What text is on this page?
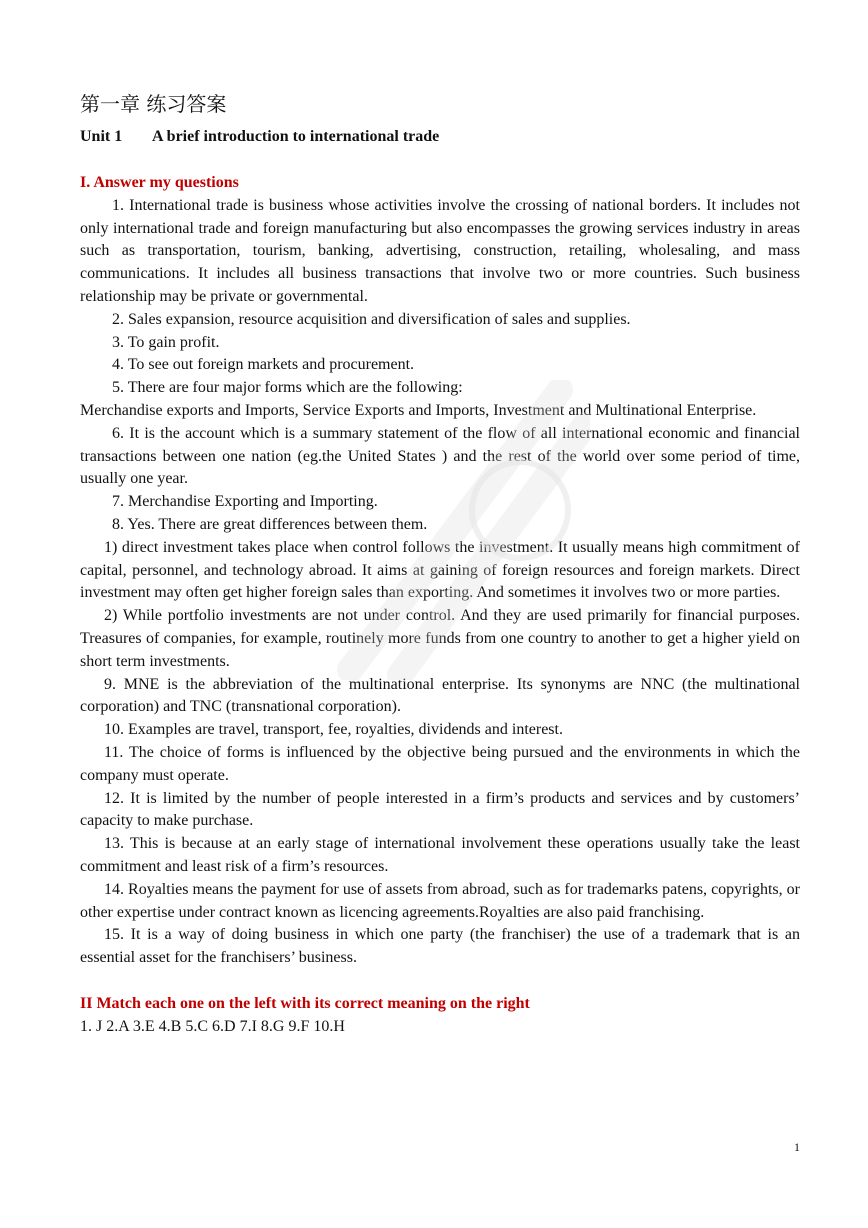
第一章 练习答案
Unit 1 A brief introduction to international trade

I. Answer my questions

1. International trade is business whose activities involve the crossing of national borders. It includes not only international trade and foreign manufacturing but also encompasses the growing services industry in areas such as transportation, tourism, banking, advertising, construction, retailing, wholesaling, and mass communications. It includes all business transactions that involve two or more countries. Such business relationship may be private or governmental.

2. Sales expansion, resource acquisition and diversification of sales and supplies.

3. To gain profit.

4. To see out foreign markets and procurement.

5. There are four major forms which are the following:

Merchandise exports and Imports, Service Exports and Imports, Investment and Multinational Enterprise.

6. It is the account which is a summary statement of the flow of all international economic and financial transactions between one nation (eg.the United States ) and the rest of the world over some period of time, usually one year.

7. Merchandise Exporting and Importing.

8. Yes. There are great differences between them.

1) direct investment takes place when control follows the investment. It usually means high commitment of capital, personnel, and technology abroad. It aims at gaining of foreign resources and foreign markets. Direct investment may often get higher foreign sales than exporting. And sometimes it involves two or more parties.

2) While portfolio investments are not under control. And they are used primarily for financial purposes. Treasures of companies, for example, routinely more funds from one country to another to get a higher yield on short term investments.

9. MNE is the abbreviation of the multinational enterprise. Its synonyms are NNC (the multinational corporation) and TNC (transnational corporation).

10. Examples are travel, transport, fee, royalties, dividends and interest.

11. The choice of forms is influenced by the objective being pursued and the environments in which the company must operate.

12. It is limited by the number of people interested in a firm’s products and services and by customers’ capacity to make purchase.

13. This is because at an early stage of international involvement these operations usually take the least commitment and least risk of a firm’s resources.

14. Royalties means the payment for use of assets from abroad, such as for trademarks patens, copyrights, or other expertise under contract known as licencing agreements.Royalties are also paid franchising.

15. It is a way of doing business in which one party (the franchiser) the use of a trademark that is an essential asset for the franchisers’ business.

II Match each one on the left with its correct meaning on the right

1. J 2.A 3.E 4.B 5.C 6.D 7.I 8.G 9.F 10.H

1
